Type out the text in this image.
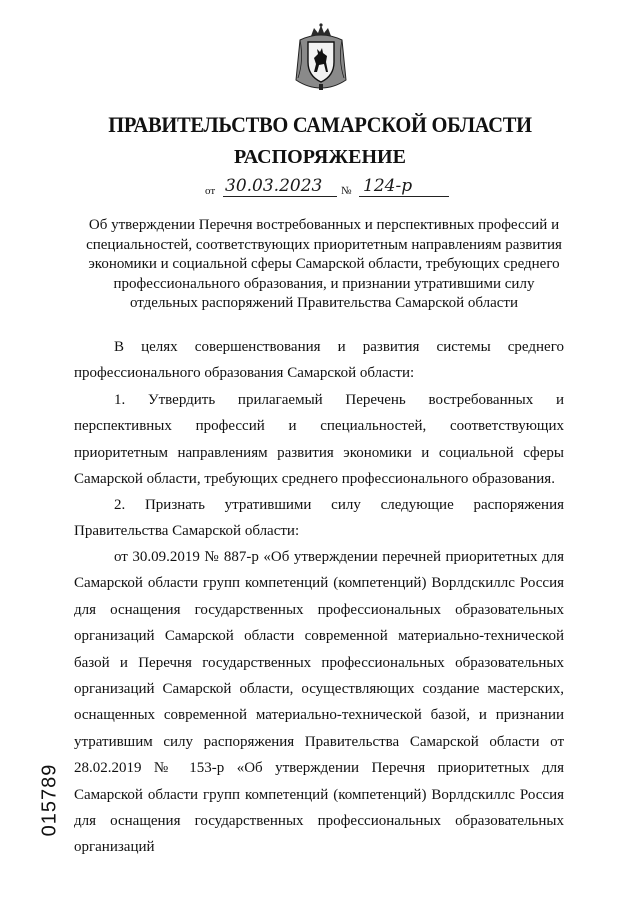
ПРАВИТЕЛЬСТВО САМАРСКОЙ ОБЛАСТИ
РАСПОРЯЖЕНИЕ
от 30.03.2023 № 124-р

Об утверждении Перечня востребованных и перспективных профессий и специальностей, соответствующих приоритетным направлениям развития экономики и социальной сферы Самарской области, требующих среднего профессионального образования, и признании утратившими силу отдельных распоряжений Правительства Самарской области

В целях совершенствования и развития системы среднего профессионального образования Самарской области:

1. Утвердить прилагаемый Перечень востребованных и перспективных профессий и специальностей, соответствующих приоритетным направлениям развития экономики и социальной сферы Самарской области, требующих среднего профессионального образования.

2. Признать утратившими силу следующие распоряжения Правительства Самарской области:

от 30.09.2019 № 887-р «Об утверждении перечней приоритетных для Самарской области групп компетенций (компетенций) Ворлдскиллс Россия для оснащения государственных профессиональных образовательных организаций Самарской области современной материально-технической базой и Перечня государственных профессиональных образовательных организаций Самарской области, осуществляющих создание мастерских, оснащенных современной материально-технической базой, и признании утратившим силу распоряжения Правительства Самарской области от 28.02.2019 № 153-р «Об утверждении Перечня приоритетных для Самарской области групп компетенций (компетенций) Ворлдскиллс Россия для оснащения государственных профессиональных образовательных организаций

015789
